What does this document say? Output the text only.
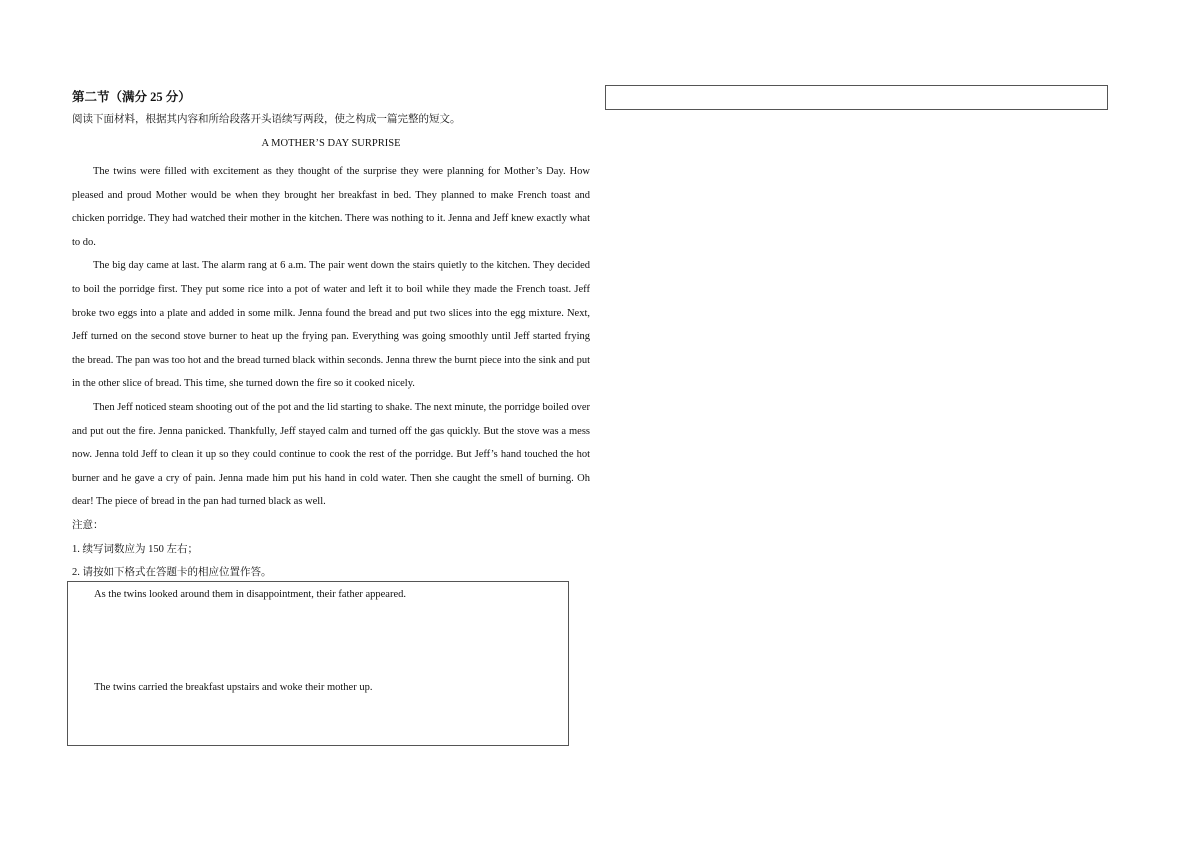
第二节（满分 25 分）

阅读下面材料，根据其内容和所给段落开头语续写两段，使之构成一篇完整的短文。

A MOTHER’S DAY SURPRISE

The twins were filled with excitement as they thought of the surprise they were planning for Mother’s Day. How pleased and proud Mother would be when they brought her breakfast in bed. They planned to make French toast and chicken porridge. They had watched their mother in the kitchen. There was nothing to it. Jenna and Jeff knew exactly what to do.

The big day came at last. The alarm rang at 6 a.m. The pair went down the stairs quietly to the kitchen. They decided to boil the porridge first. They put some rice into a pot of water and left it to boil while they made the French toast. Jeff broke two eggs into a plate and added in some milk. Jenna found the bread and put two slices into the egg mixture. Next, Jeff turned on the second stove burner to heat up the frying pan. Everything was going smoothly until Jeff started frying the bread. The pan was too hot and the bread turned black within seconds. Jenna threw the burnt piece into the sink and put in the other slice of bread. This time, she turned down the fire so it cooked nicely.

Then Jeff noticed steam shooting out of the pot and the lid starting to shake. The next minute, the porridge boiled over and put out the fire. Jenna panicked. Thankfully, Jeff stayed calm and turned off the gas quickly. But the stove was a mess now. Jenna told Jeff to clean it up so they could continue to cook the rest of the porridge. But Jeff’s hand touched the hot burner and he gave a cry of pain. Jenna made him put his hand in cold water. Then she caught the smell of burning. Oh dear! The piece of bread in the pan had turned black as well.

注意：

1. 续写词数应为 150 左右；

2. 请按如下格式在答题卡的相应位置作答。

As the twins looked around them in disappointment, their father appeared.

The twins carried the breakfast upstairs and woke their mother up.
